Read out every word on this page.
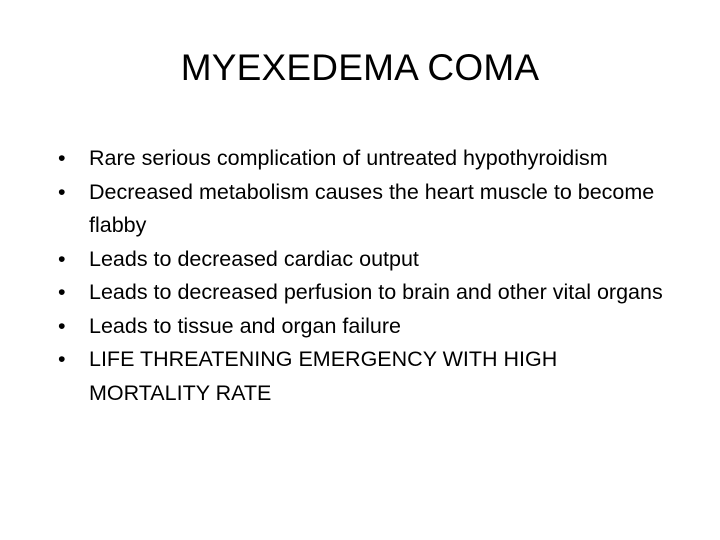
MYEXEDEMA COMA
•	Rare serious complication of untreated hypothyroidism
•	Decreased metabolism causes the heart muscle to become flabby
•	Leads to decreased cardiac output
•	Leads to decreased perfusion to brain and other vital organs
•	Leads to tissue and organ failure
•	LIFE THREATENING EMERGENCY WITH HIGH MORTALITY RATE
